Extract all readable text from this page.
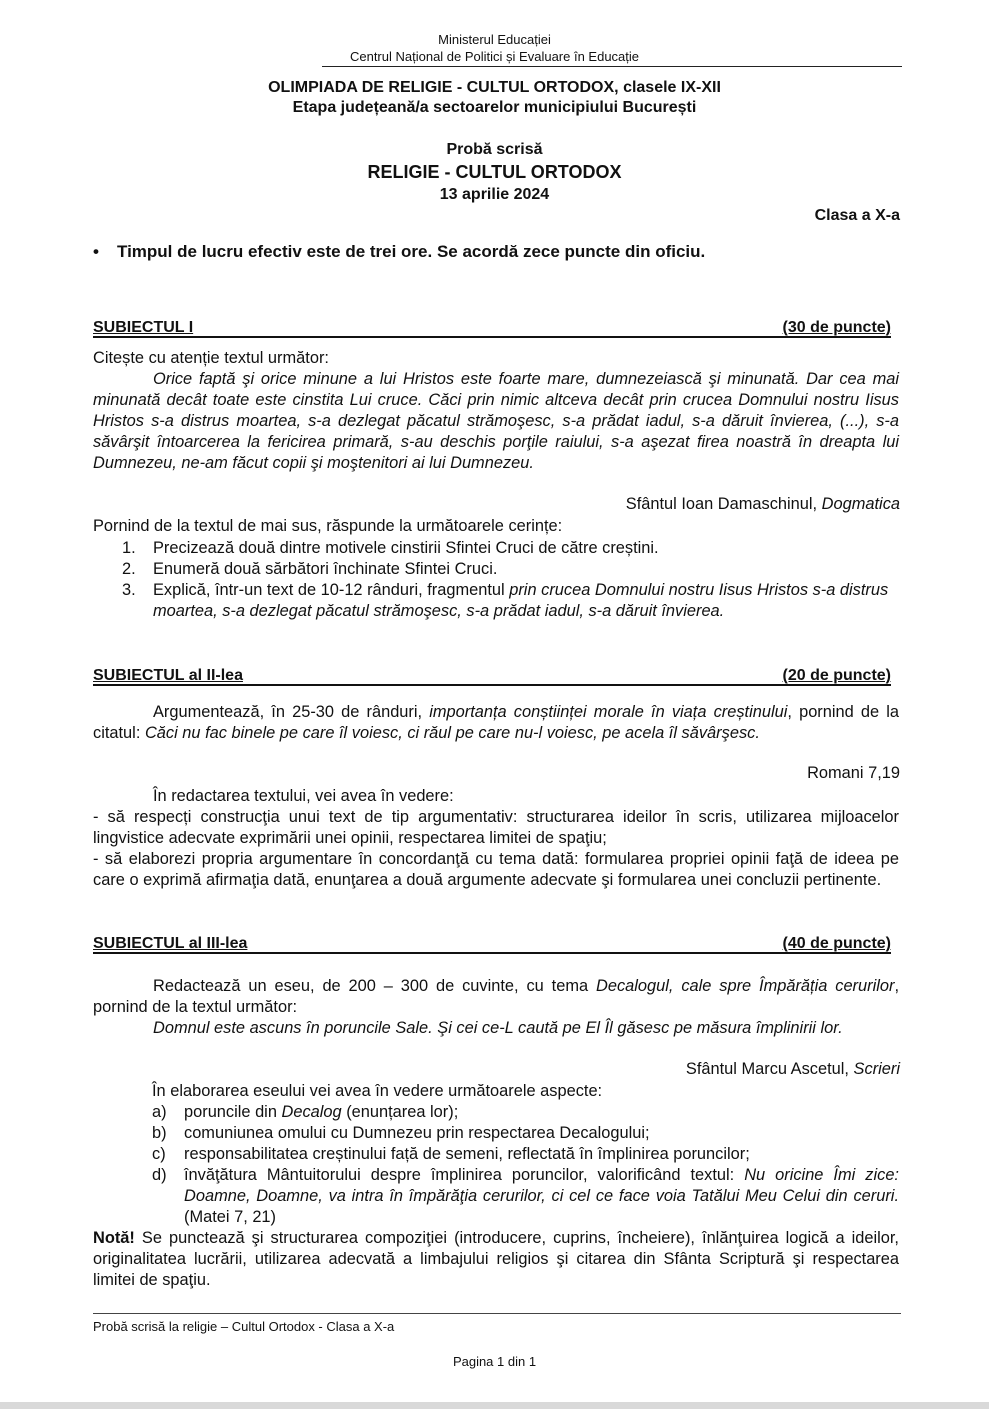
Ministerul Educației
Centrul Național de Politici și Evaluare în Educație
OLIMPIADA DE RELIGIE - CULTUL ORTODOX, clasele IX-XII
Etapa județeană/a sectoarelor municipiului București
Probă scrisă
RELIGIE - CULTUL ORTODOX
13 aprilie 2024
Clasa a X-a
• Timpul de lucru efectiv este de trei ore. Se acordă zece puncte din oficiu.
SUBIECTUL I	(30 de puncte)
Citește cu atenție textul următor:
Orice faptă şi orice minune a lui Hristos este foarte mare, dumnezeiască şi minunată. Dar cea mai minunată decât toate este cinstita Lui cruce. Căci prin nimic altceva decât prin crucea Domnului nostru Iisus Hristos s-a distrus moartea, s-a dezlegat păcatul strămoşesc, s-a prădat iadul, s-a dăruit învierea, (...), s-a săvârşit întoarcerea la fericirea primară, s-au deschis porţile raiului, s-a aşezat firea noastră în dreapta lui Dumnezeu, ne-am făcut copii şi moştenitori ai lui Dumnezeu.
Sfântul Ioan Damaschinul, Dogmatica
Pornind de la textul de mai sus, răspunde la următoarele cerințe:
1. Precizează două dintre motivele cinstirii Sfintei Cruci de către creștini.
2. Enumeră două sărbători închinate Sfintei Cruci.
3. Explică, într-un text de 10-12 rânduri, fragmentul prin crucea Domnului nostru Iisus Hristos s-a distrus moartea, s-a dezlegat păcatul strămoşesc, s-a prădat iadul, s-a dăruit învierea.
SUBIECTUL al II-lea	(20 de puncte)
Argumentează, în 25-30 de rânduri, importanța conștiinței morale în viața creștinului, pornind de la citatul: Căci nu fac binele pe care îl voiesc, ci răul pe care nu-l voiesc, pe acela îl săvârşesc.
Romani 7,19
În redactarea textului, vei avea în vedere:
- să respecți construcţia unui text de tip argumentativ: structurarea ideilor în scris, utilizarea mijloacelor lingvistice adecvate exprimării unei opinii, respectarea limitei de spaţiu;
- să elaborezi propria argumentare în concordanţă cu tema dată: formularea propriei opinii faţă de ideea pe care o exprimă afirmaţia dată, enunţarea a două argumente adecvate şi formularea unei concluzii pertinente.
SUBIECTUL al III-lea	(40 de puncte)
Redactează un eseu, de 200 – 300 de cuvinte, cu tema Decalogul, cale spre Împărăția cerurilor, pornind de la textul următor:
Domnul este ascuns în poruncile Sale. Şi cei ce-L caută pe El Îl găsesc pe măsura împlinirii lor.
Sfântul Marcu Ascetul, Scrieri
În elaborarea eseului vei avea în vedere următoarele aspecte:
a) poruncile din Decalog (enunțarea lor);
b) comuniunea omului cu Dumnezeu prin respectarea Decalogului;
c) responsabilitatea creștinului față de semeni, reflectată în împlinirea poruncilor;
d) învăţătura Mântuitorului despre împlinirea poruncilor, valorificând textul: Nu oricine Îmi zice: Doamne, Doamne, va intra în împărăţia cerurilor, ci cel ce face voia Tatălui Meu Celui din ceruri. (Matei 7, 21)
Notă! Se punctează şi structurarea compoziţiei (introducere, cuprins, încheiere), înlănţuirea logică a ideilor, originalitatea lucrării, utilizarea adecvată a limbajului religios şi citarea din Sfânta Scriptură şi respectarea limitei de spaţiu.
Probă scrisă la religie – Cultul Ortodox - Clasa a X-a
Pagina 1 din 1
